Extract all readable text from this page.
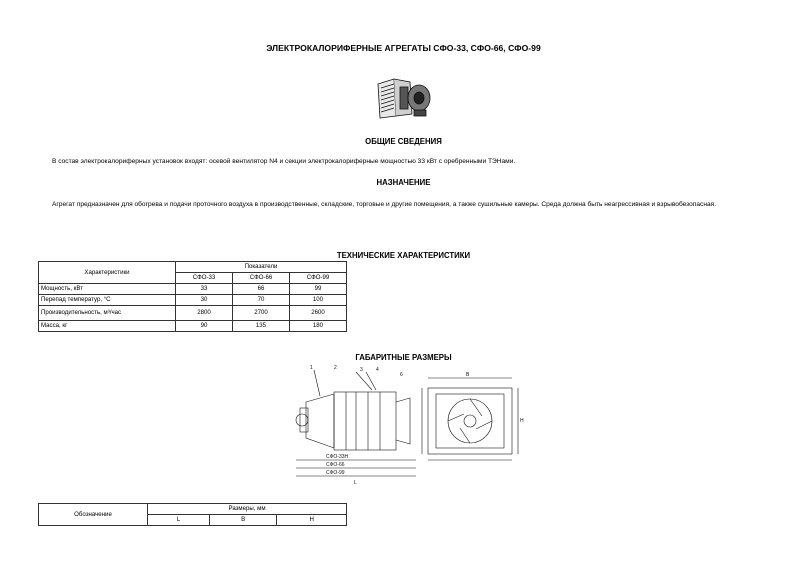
ЭЛЕКТРОКАЛОРИФЕРНЫЕ АГРЕГАТЫ СФО-33, СФО-66, СФО-99
ОБЩИЕ СВЕДЕНИЯ
В состав электрокалориферных установок входят: осевой вентилятор N4 и секции электрокалориферные мощностью 33 кВт с оребренными ТЭНами.
НАЗНАЧЕНИЕ
Агрегат предназначен для обогрева и подачи проточного воздуха в производственные, складские, торговые и другие помещения, а также сушильные камеры. Среда должна быть неагрессивная и взрывобезопасная.
ТЕХНИЧЕСКИЕ ХАРАКТЕРИСТИКИ
Характеристики	Показатели		
	СФО-33	СФО-66	СФО-99
Мощность, кВт	33	66	99
Перепад температур, °С	30	70	100
Производительность, м³/час	2800	2700	2600
Масса, кг	90	135	180
ГАБАРИТНЫЕ РАЗМЕРЫ
1	2	3	4
6
СФО-33Н
СФО-66
СФО-99
L
B
H
Обозначение	Размеры, мм		
	L	B	H
